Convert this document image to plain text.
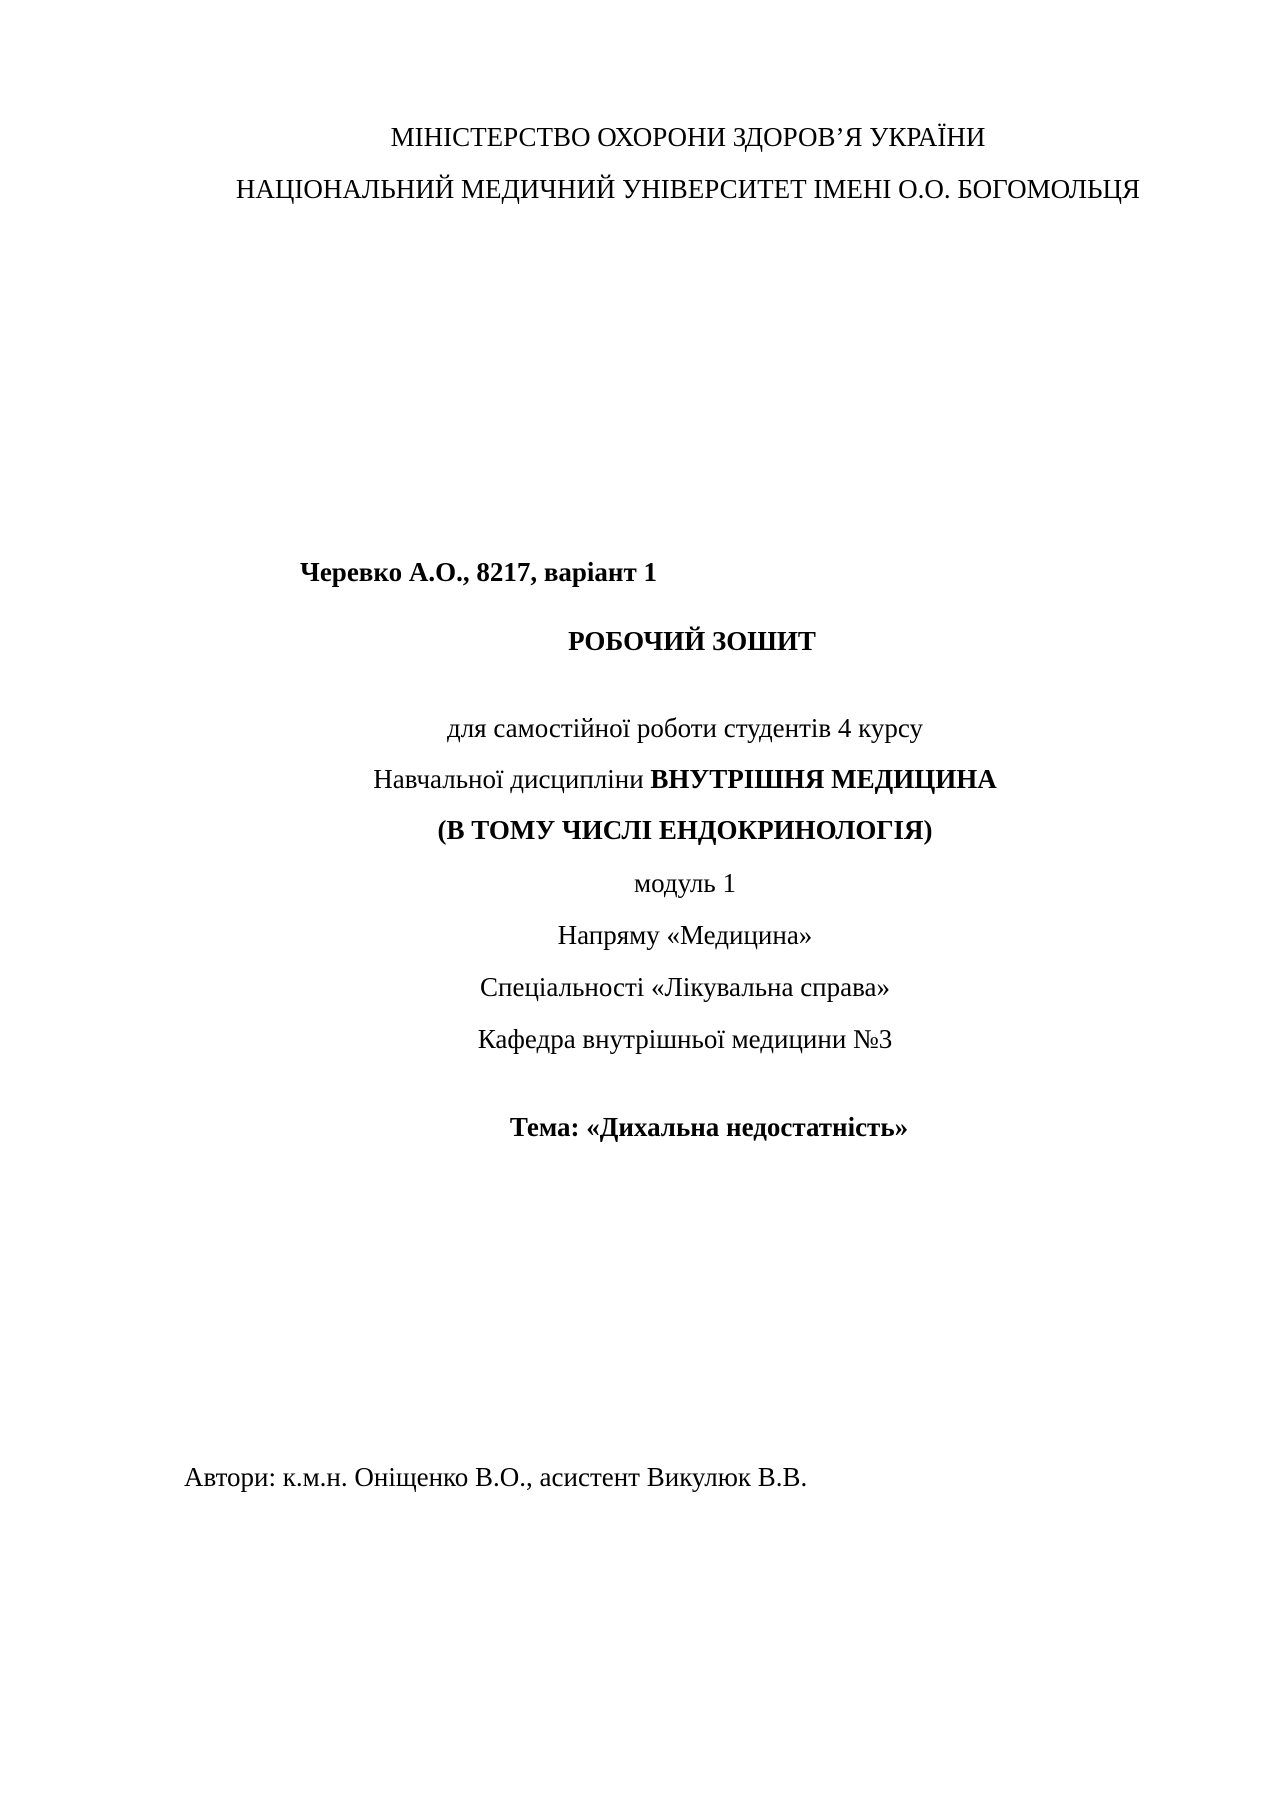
МІНІСТЕРСТВО ОХОРОНИ ЗДОРОВ’Я УКРАЇНИ
НАЦІОНАЛЬНИЙ МЕДИЧНИЙ УНІВЕРСИТЕТ ІМЕНІ О.О. БОГОМОЛЬЦЯ
Черевко А.О., 8217, варіант 1
РОБОЧИЙ ЗОШИТ
для самостійної роботи студентів 4 курсу
Навчальної дисципліни ВНУТРІШНЯ МЕДИЦИНА
(В ТОМУ ЧИСЛІ ЕНДОКРИНОЛОГІЯ)
модуль 1
Напряму «Медицина»
Спеціальності «Лікувальна справа»
Кафедра внутрішньої медицини №3
Тема: «Дихальна недостатність»
Автори: к.м.н. Оніщенко В.О., асистент Викулюк В.В.
